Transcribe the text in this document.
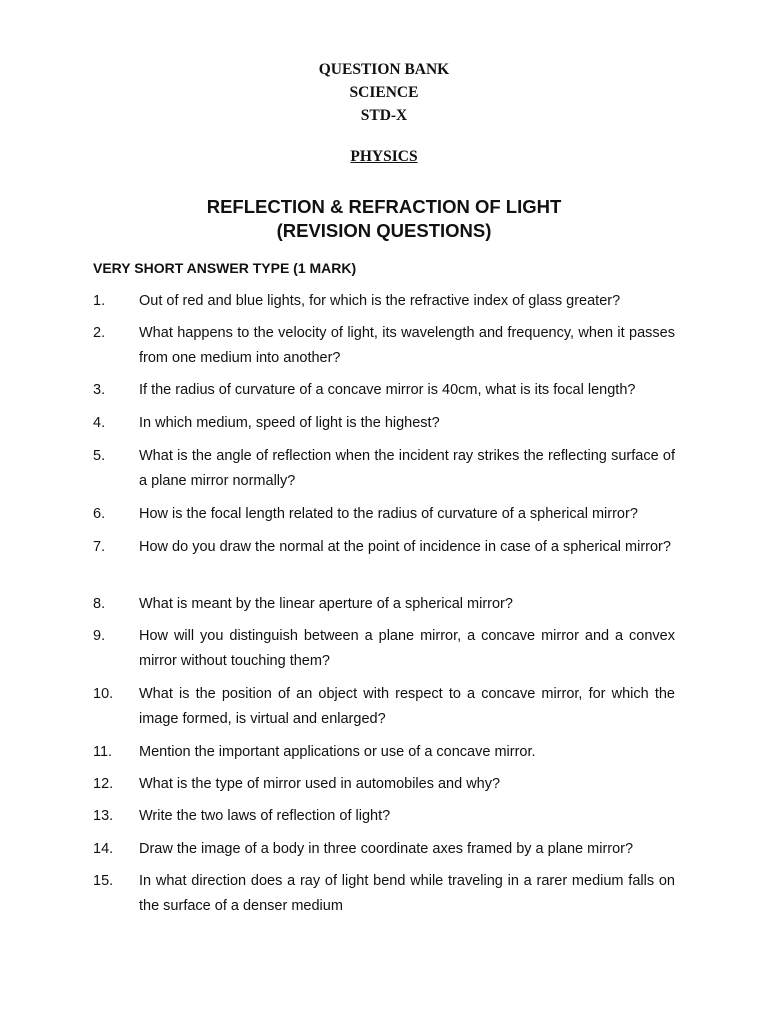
QUESTION BANK
SCIENCE
STD-X
PHYSICS
REFLECTION & REFRACTION OF LIGHT
(REVISION QUESTIONS)
VERY SHORT ANSWER TYPE (1 MARK)
1. Out of red and blue lights, for which is the refractive index of glass greater?
2. What happens to the velocity of light, its wavelength and frequency, when it passes from one medium into another?
3. If the radius of curvature of a concave mirror is 40cm, what is its focal length?
4. In which medium, speed of light is the highest?
5. What is the angle of reflection when the incident ray strikes the reflecting surface of a plane mirror normally?
6. How is the focal length related to the radius of curvature of a spherical mirror?
7. How do you draw the normal at the point of incidence in case of a spherical mirror?
8. What is meant by the linear aperture of a spherical mirror?
9. How will you distinguish between a plane mirror, a concave mirror and a convex mirror without touching them?
10. What is the position of an object with respect to a concave mirror, for which the image formed, is virtual and enlarged?
11. Mention the important applications or use of a concave mirror.
12. What is the type of mirror used in automobiles and why?
13. Write the two laws of reflection of light?
14. Draw the image of a body in three coordinate axes framed by a plane mirror?
15. In what direction does a ray of light bend while traveling in a rarer medium falls on the surface of a denser medium
